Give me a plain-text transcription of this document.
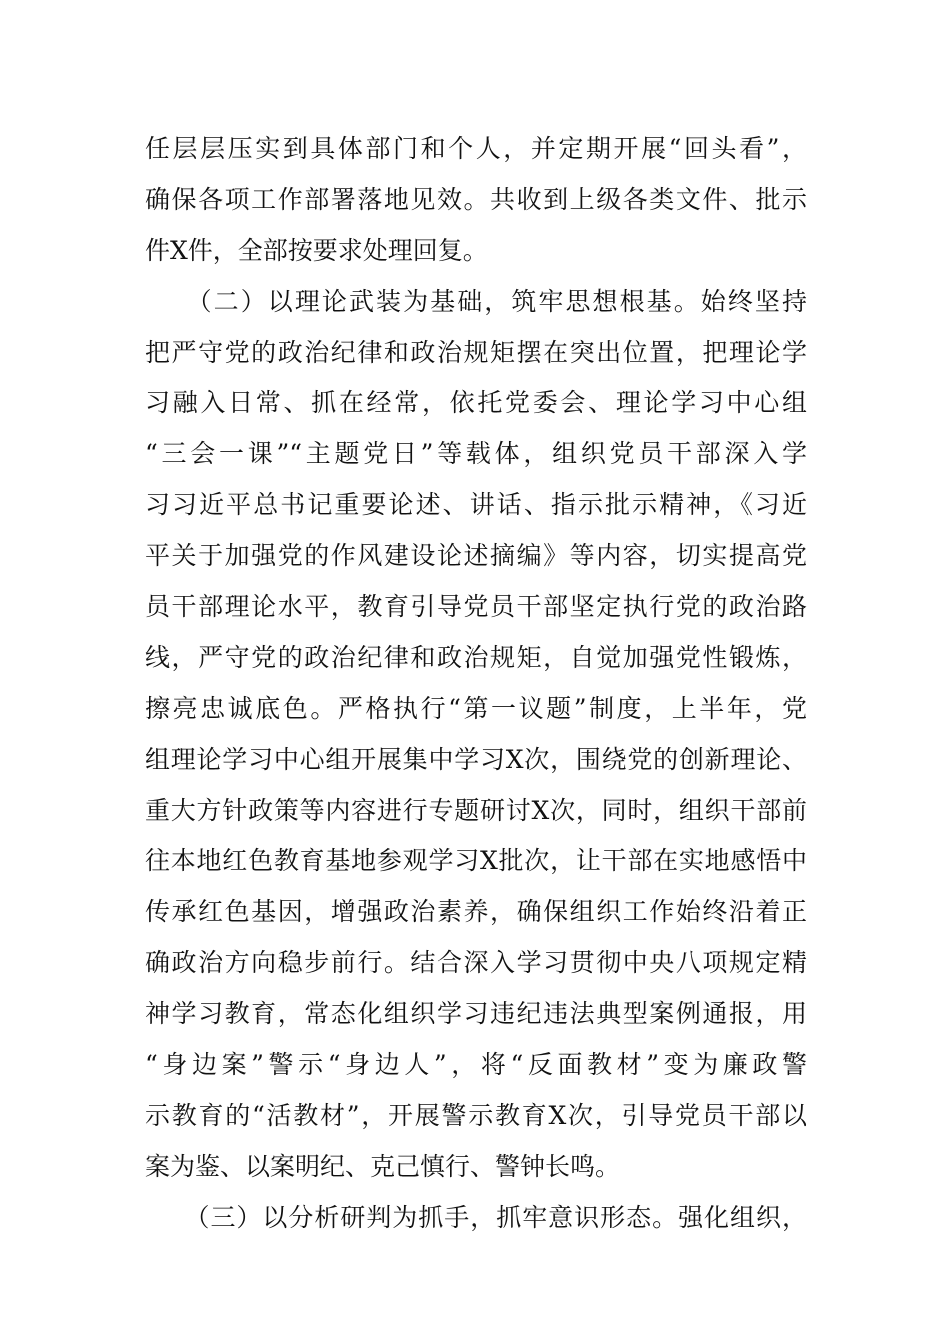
任层层压实到具体部门和个人，并定期开展“回头看”，
确保各项工作部署落地见效。共收到上级各类文件、批示
件X件，全部按要求处理回复。
　　（二）以理论武装为基础，筑牢思想根基。始终坚持
把严守党的政治纪律和政治规矩摆在突出位置，把理论学
习融入日常、抓在经常，依托党委会、理论学习中心组
“三会一课”“主题党日”等载体，组织党员干部深入学
习习近平总书记重要论述、讲话、指示批示精神，《习近
平关于加强党的作风建设论述摘编》等内容，切实提高党
员干部理论水平，教育引导党员干部坚定执行党的政治路
线，严守党的政治纪律和政治规矩，自觉加强党性锻炼，
擦亮忠诚底色。严格执行“第一议题”制度，上半年，党
组理论学习中心组开展集中学习X次，围绕党的创新理论、
重大方针政策等内容进行专题研讨X次，同时，组织干部前
往本地红色教育基地参观学习X批次，让干部在实地感悟中
传承红色基因，增强政治素养，确保组织工作始终沿着正
确政治方向稳步前行。结合深入学习贯彻中央八项规定精
神学习教育，常态化组织学习违纪违法典型案例通报，用
“身边案”警示“身边人”，将“反面教材”变为廉政警
示教育的“活教材”，开展警示教育X次，引导党员干部以
案为鉴、以案明纪、克己慎行、警钟长鸣。
　　（三）以分析研判为抓手，抓牢意识形态。强化组织，
